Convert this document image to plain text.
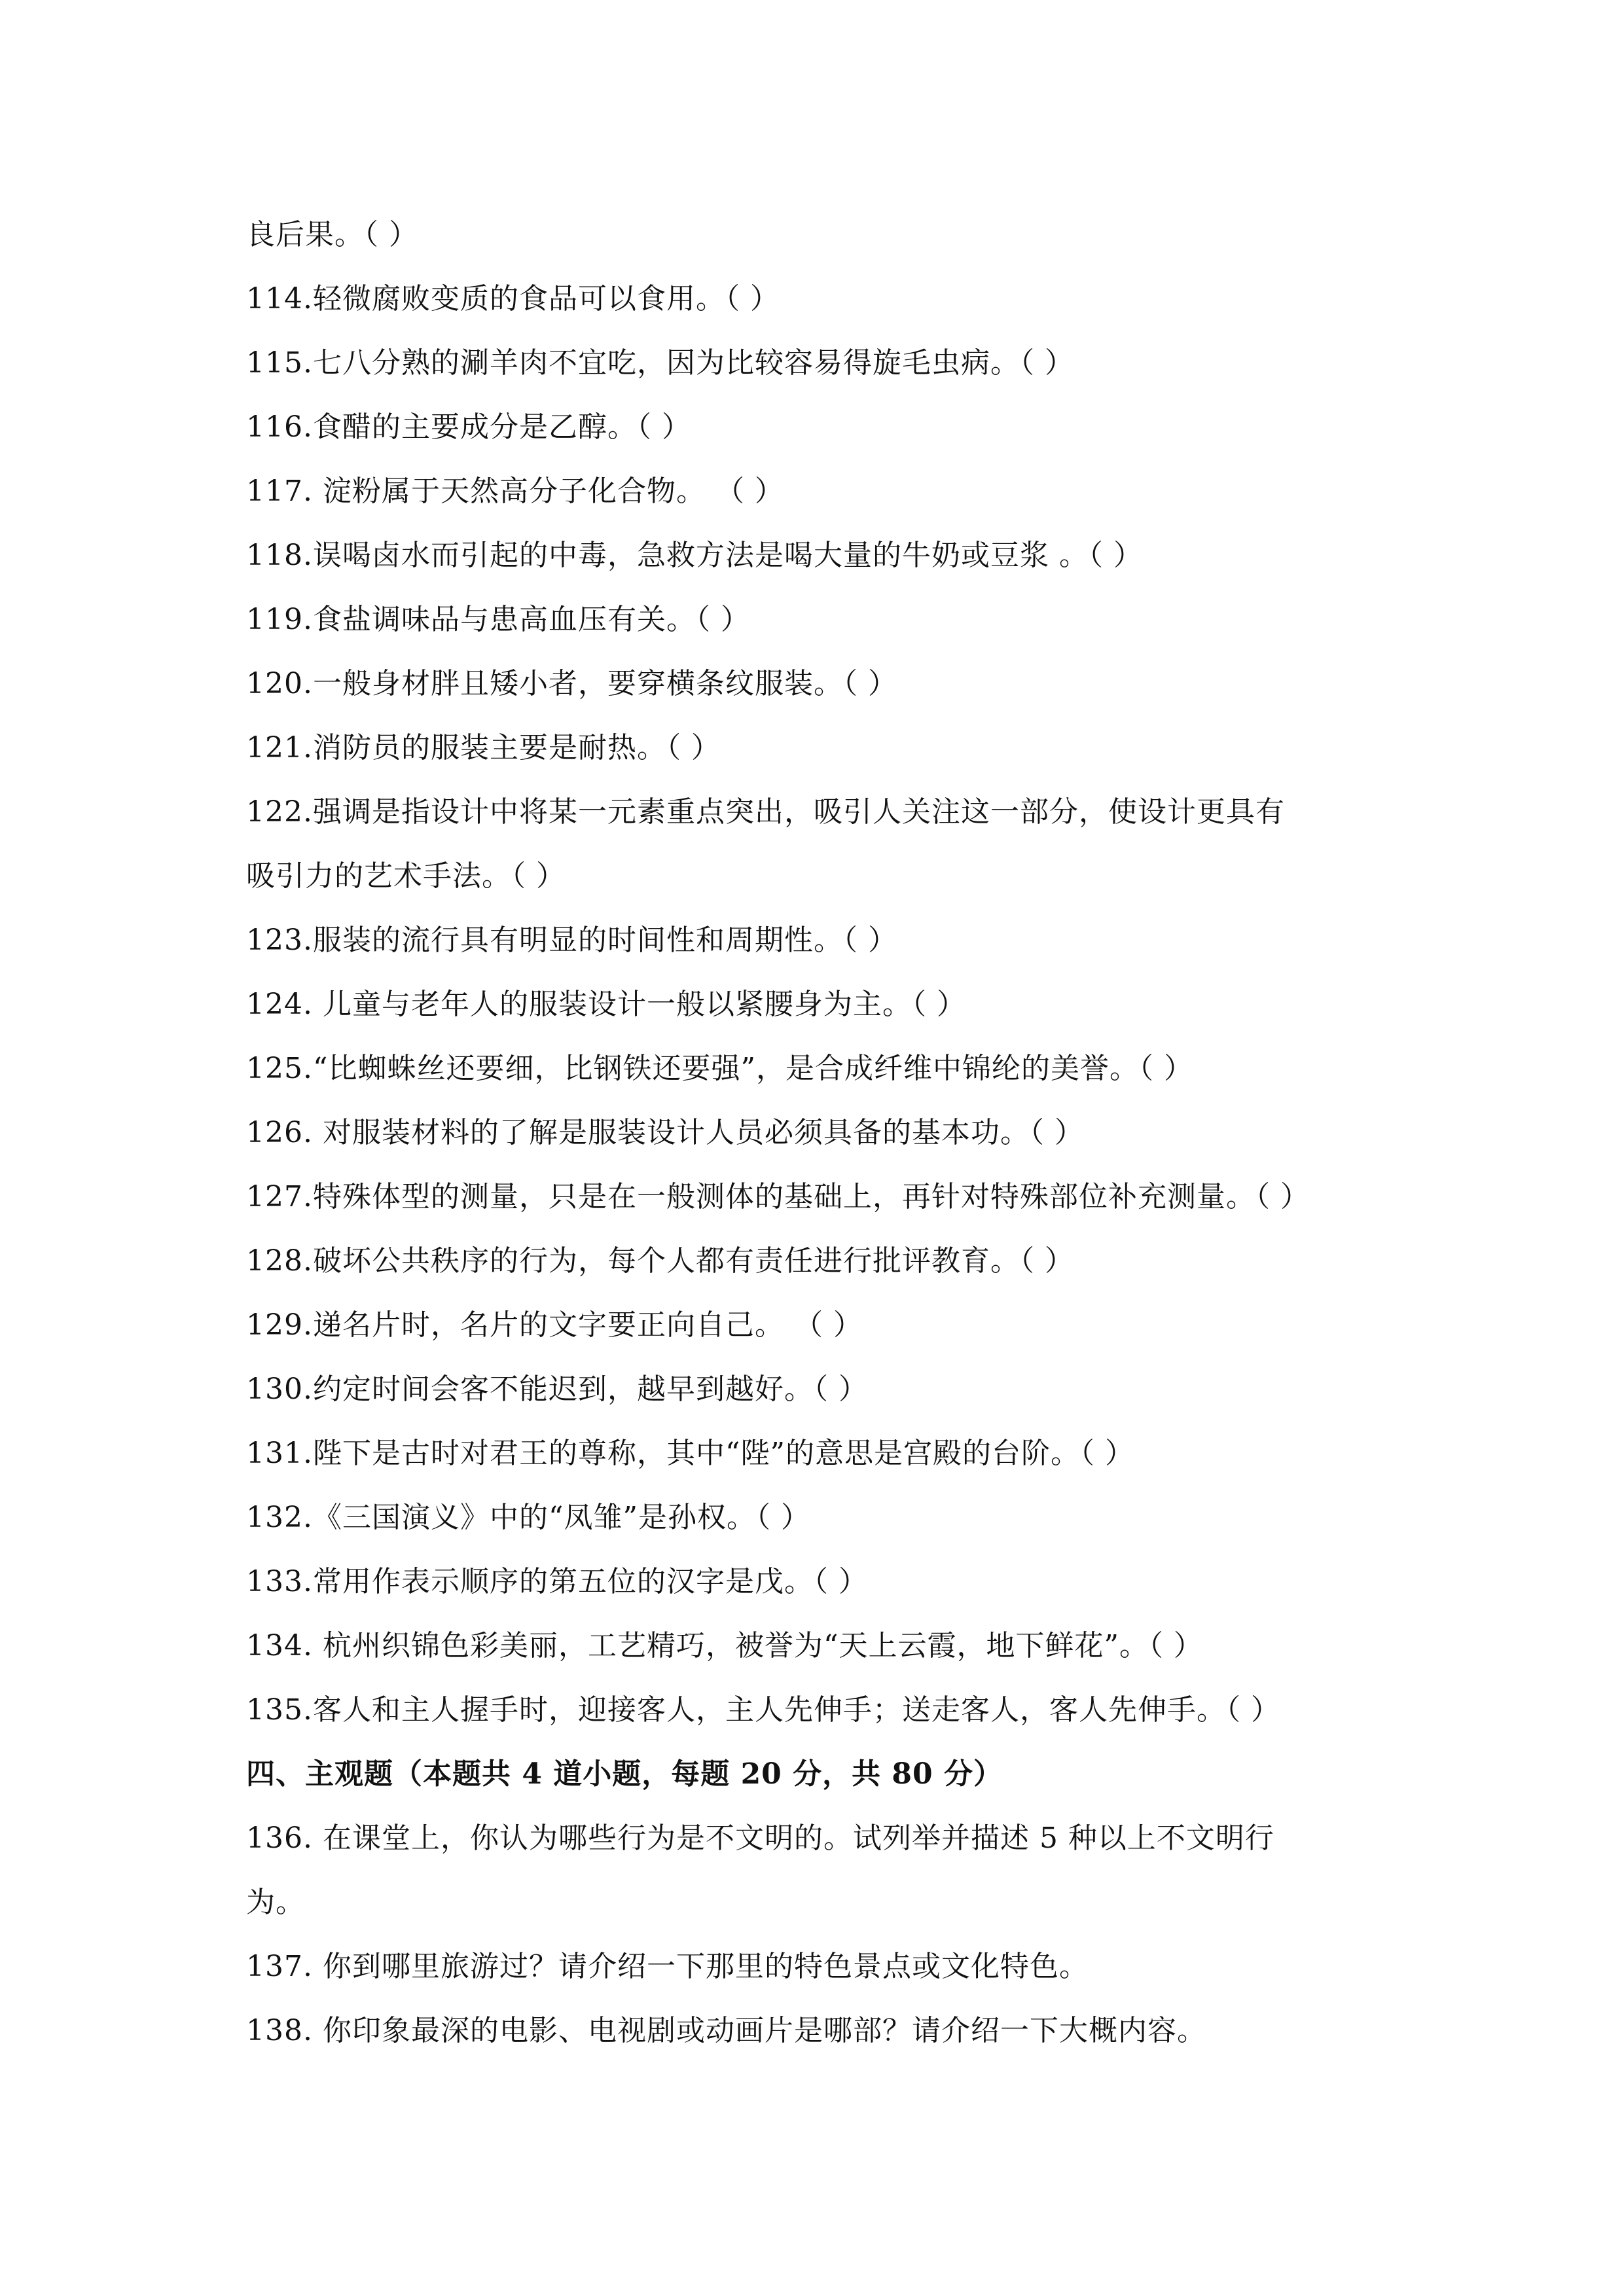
良后果。（ ）
114.轻微腐败变质的食品可以食用。（ ）
115.七八分熟的涮羊肉不宜吃，因为比较容易得旋毛虫病。（ ）
116.食醋的主要成分是乙醇。（ ）
117. 淀粉属于天然高分子化合物。 （ ）
118.误喝卤水而引起的中毒，急救方法是喝大量的牛奶或豆浆 。（ ）
119.食盐调味品与患高血压有关。（ ）
120.一般身材胖且矮小者，要穿横条纹服装。（ ）
121.消防员的服装主要是耐热。（ ）
122.强调是指设计中将某一元素重点突出，吸引人关注这一部分，使设计更具有
吸引力的艺术手法。（ ）
123.服装的流行具有明显的时间性和周期性。（ ）
124. 儿童与老年人的服装设计一般以紧腰身为主。（ ）
125.“比蜘蛛丝还要细，比钢铁还要强”，是合成纤维中锦纶的美誉。（ ）
126. 对服装材料的了解是服装设计人员必须具备的基本功。（ ）
127.特殊体型的测量，只是在一般测体的基础上，再针对特殊部位补充测量。（ ）
128.破坏公共秩序的行为，每个人都有责任进行批评教育。（ ）
129.递名片时，名片的文字要正向自己。 （ ）
130.约定时间会客不能迟到，越早到越好。（ ）
131.陛下是古时对君王的尊称，其中“陛”的意思是宫殿的台阶。（ ）
132.《三国演义》中的“凤雏”是孙权。（ ）
133.常用作表示顺序的第五位的汉字是戊。（ ）
134. 杭州织锦色彩美丽，工艺精巧，被誉为“天上云霞，地下鲜花”。（ ）
135.客人和主人握手时，迎接客人，主人先伸手；送走客人，客人先伸手。（ ）
四、主观题（本题共 4 道小题，每题 20 分，共 80 分）
136. 在课堂上，你认为哪些行为是不文明的。试列举并描述 5 种以上不文明行
为。
137. 你到哪里旅游过？请介绍一下那里的特色景点或文化特色。
138. 你印象最深的电影、电视剧或动画片是哪部？请介绍一下大概内容。
